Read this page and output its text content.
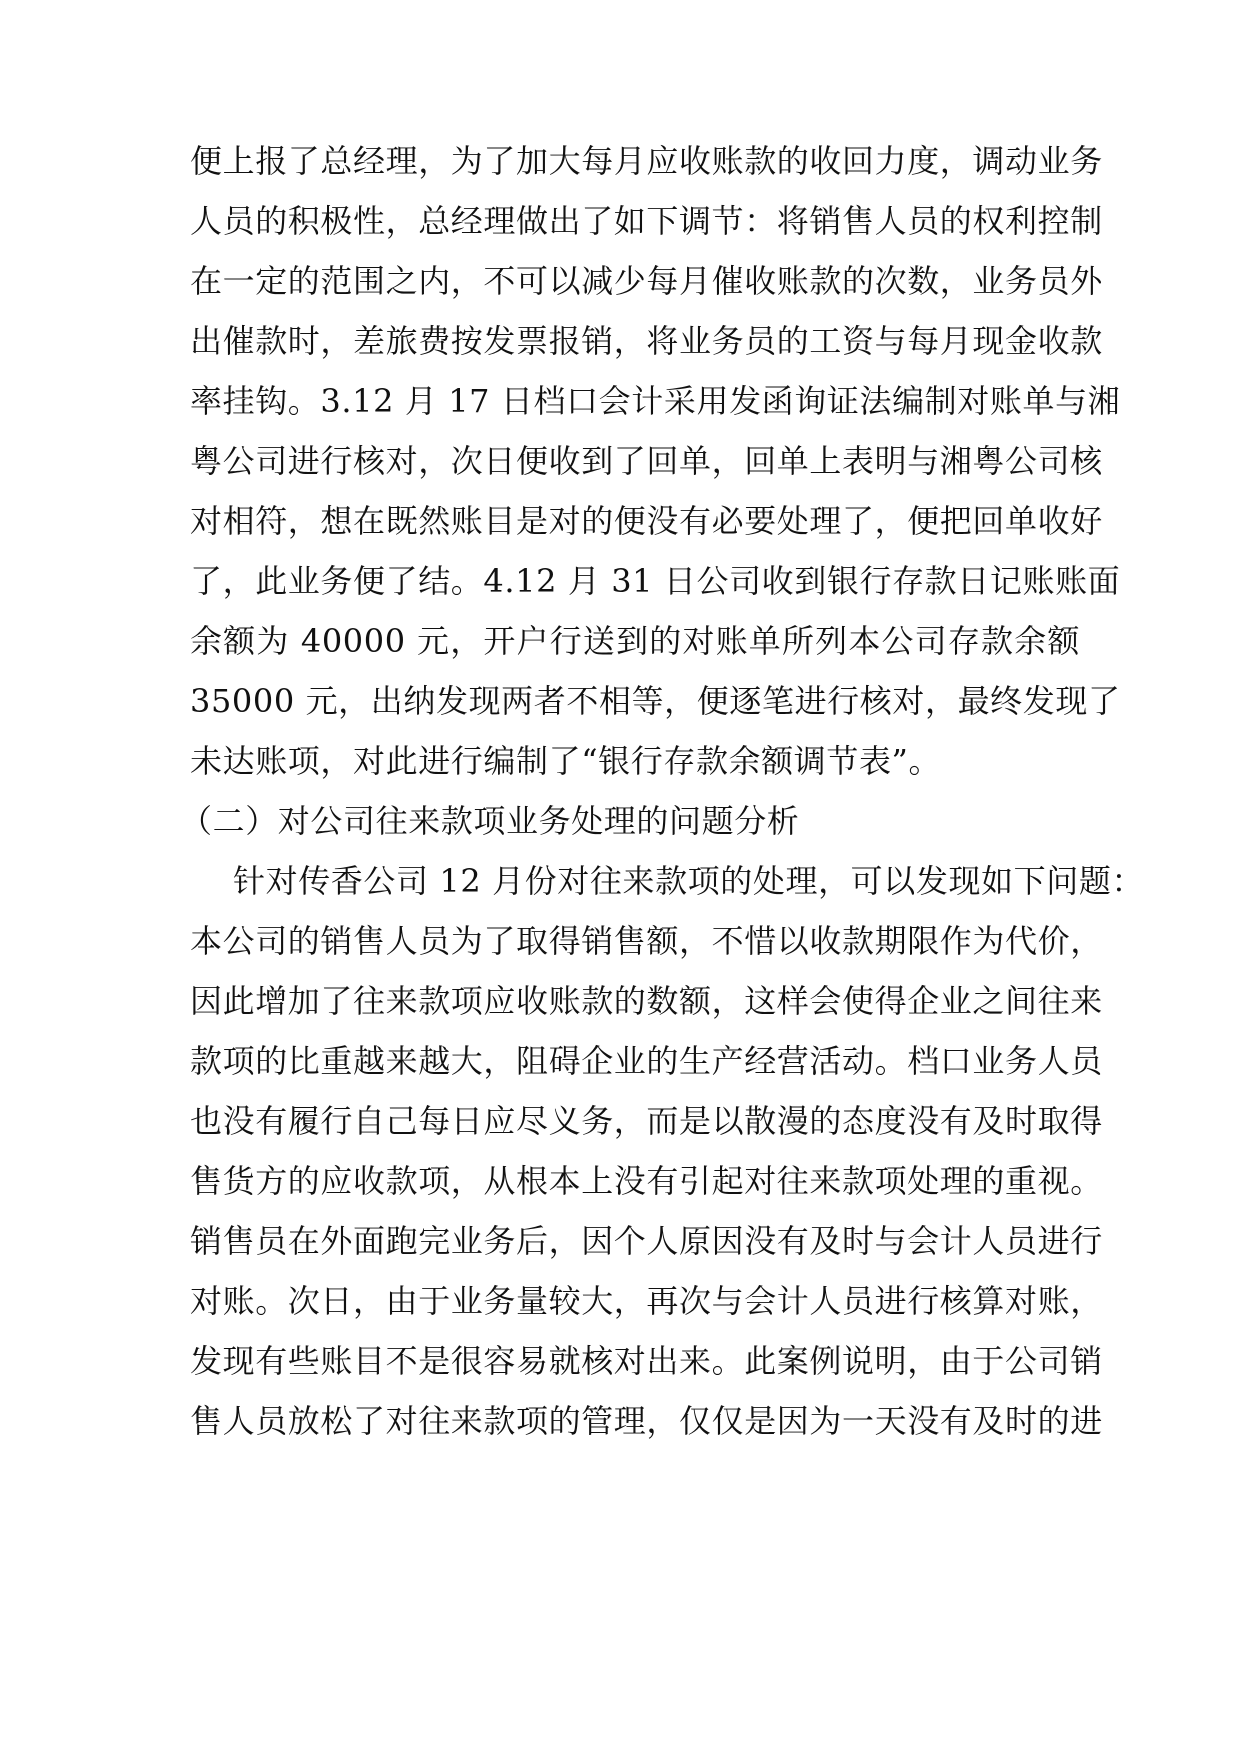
便上报了总经理，为了加大每月应收账款的收回力度，调动业务
人员的积极性，总经理做出了如下调节：将销售人员的权利控制
在一定的范围之内，不可以减少每月催收账款的次数，业务员外
出催款时，差旅费按发票报销，将业务员的工资与每月现金收款
率挂钩。3.12 月 17 日档口会计采用发函询证法编制对账单与湘
粤公司进行核对，次日便收到了回单，回单上表明与湘粤公司核
对相符，想在既然账目是对的便没有必要处理了，便把回单收好
了，此业务便了结。4.12 月 31 日公司收到银行存款日记账账面
余额为 40000 元，开户行送到的对账单所列本公司存款余额
35000 元，出纳发现两者不相等，便逐笔进行核对，最终发现了
未达账项，对此进行编制了“银行存款余额调节表”。
（二）对公司往来款项业务处理的问题分析
针对传香公司 12 月份对往来款项的处理，可以发现如下问题：
本公司的销售人员为了取得销售额，不惜以收款期限作为代价，
因此增加了往来款项应收账款的数额，这样会使得企业之间往来
款项的比重越来越大，阻碍企业的生产经营活动。档口业务人员
也没有履行自己每日应尽义务，而是以散漫的态度没有及时取得
售货方的应收款项，从根本上没有引起对往来款项处理的重视。
销售员在外面跑完业务后，因个人原因没有及时与会计人员进行
对账。次日，由于业务量较大，再次与会计人员进行核算对账，
发现有些账目不是很容易就核对出来。此案例说明，由于公司销
售人员放松了对往来款项的管理，仅仅是因为一天没有及时的进
